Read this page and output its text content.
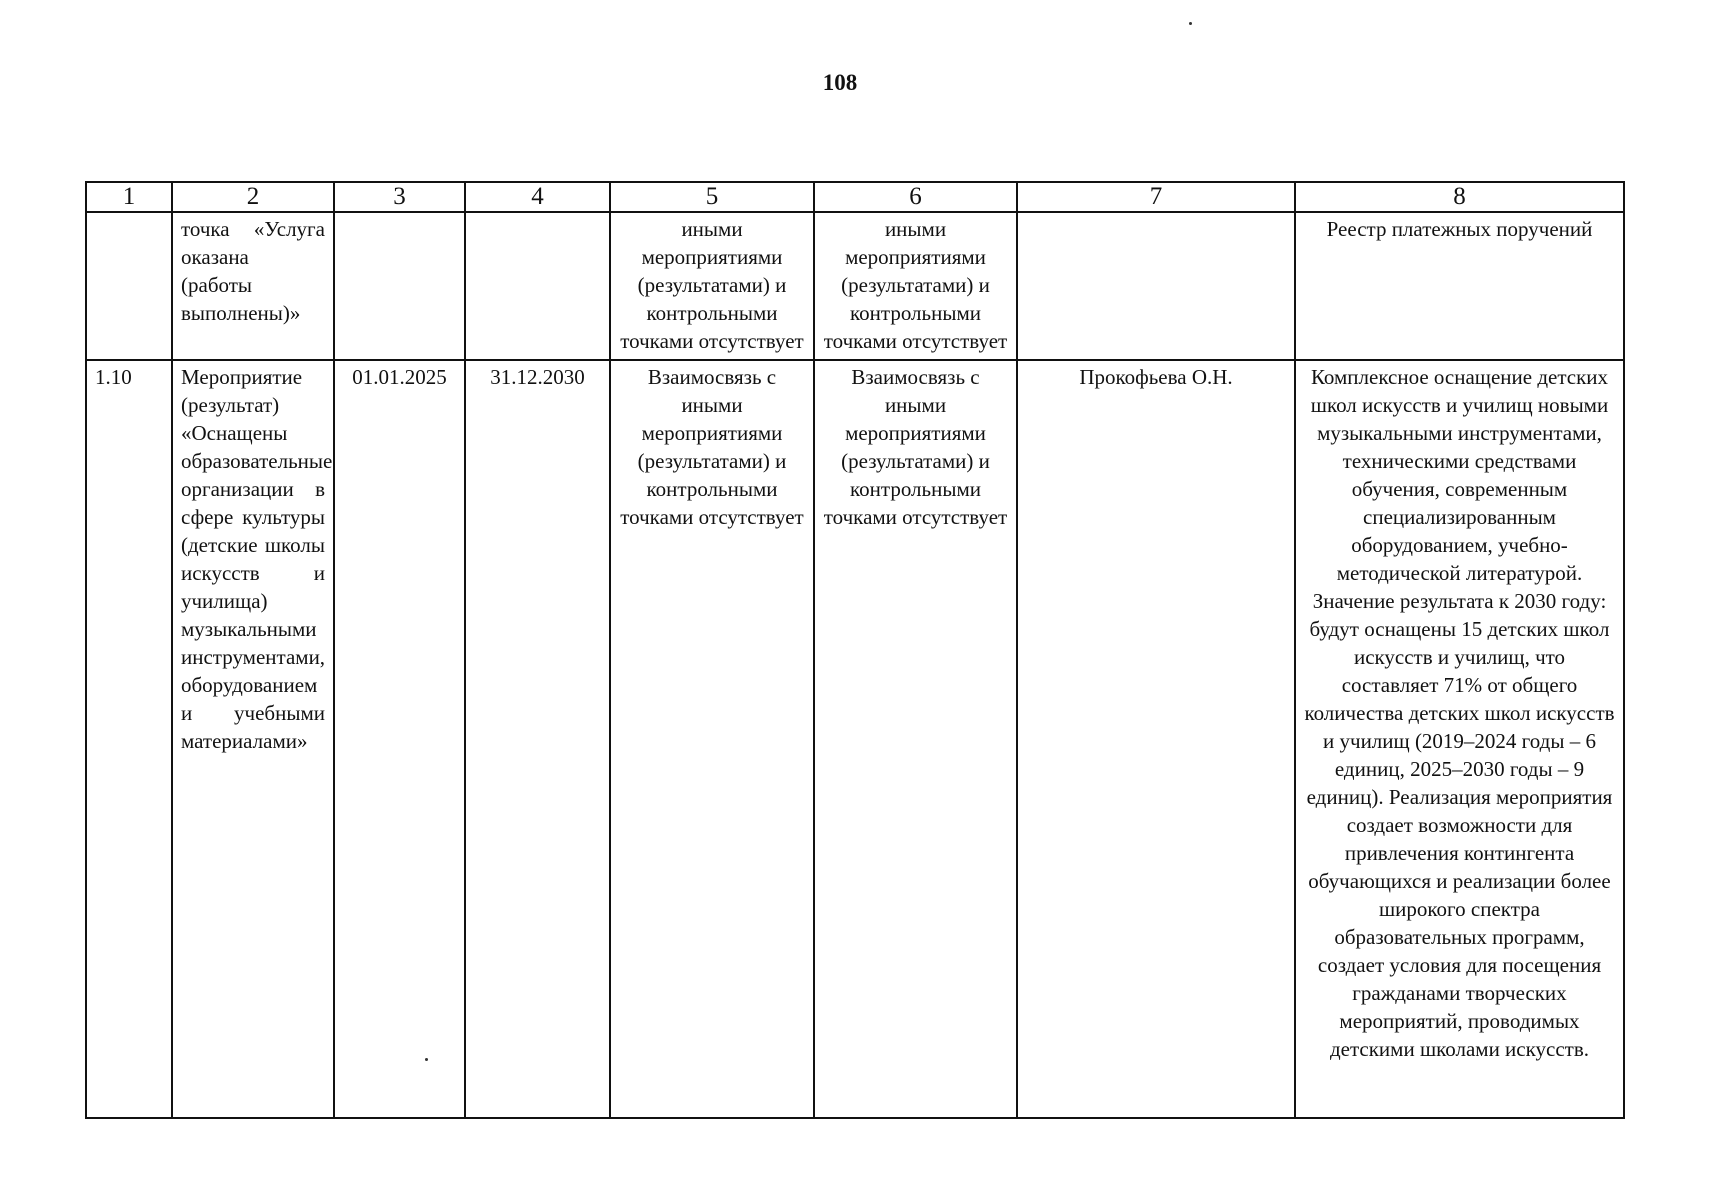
108
1	2	3	4	5	6	7	8
	точка «Услуга оказана (работы выполнены)»			иными мероприятиями (результатами) и контрольными точками отсутствует	иными мероприятиями (результатами) и контрольными точками отсутствует		Реестр платежных поручений
1.10	Мероприятие (результат) «Оснащены образовательные организации в сфере культуры (детские школы искусств и училища) музыкальными инструментами, оборудованием и учебными материалами»	01.01.2025	31.12.2030	Взаимосвязь с иными мероприятиями (результатами) и контрольными точками отсутствует	Взаимосвязь с иными мероприятиями (результатами) и контрольными точками отсутствует	Прокофьева О.Н.	Комплексное оснащение детских школ искусств и училищ новыми музыкальными инструментами, техническими средствами обучения, современным специализированным оборудованием, учебно-методической литературой. Значение результата к 2030 году: будут оснащены 15 детских школ искусств и училищ, что составляет 71% от общего количества детских школ искусств и училищ (2019–2024 годы – 6 единиц, 2025–2030 годы – 9 единиц). Реализация мероприятия создает возможности для привлечения контингента обучающихся и реализации более широкого спектра образовательных программ, создает условия для посещения гражданами творческих мероприятий, проводимых детскими школами искусств.
